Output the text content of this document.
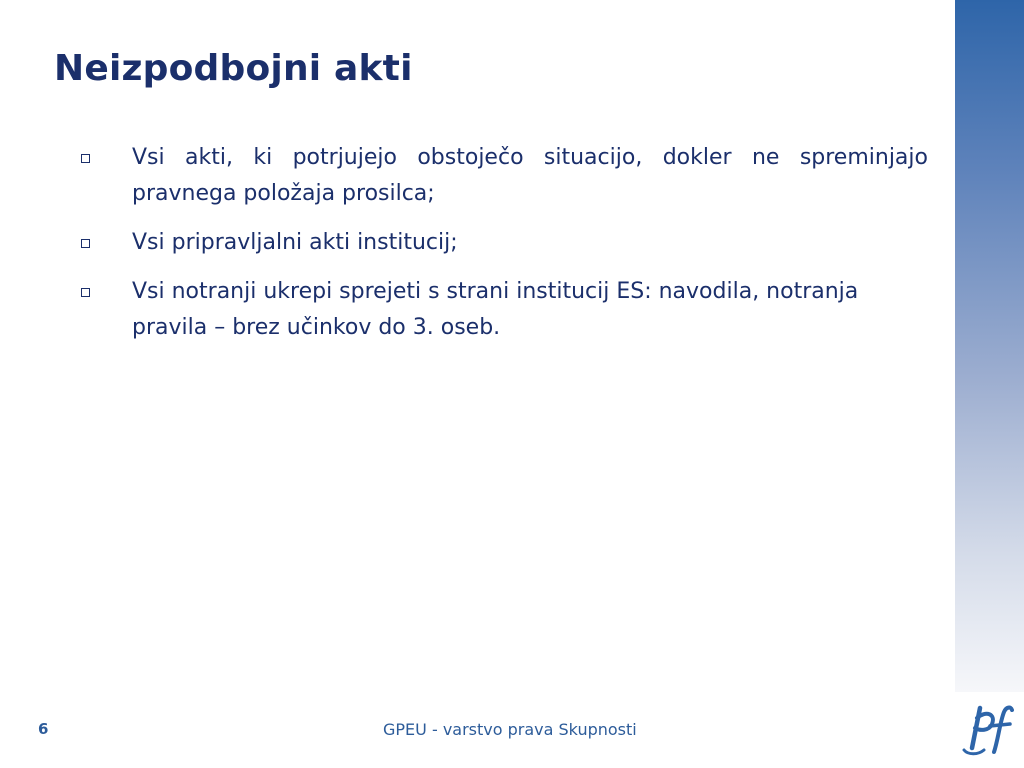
Neizpodbojni akti
Vsi akti, ki potrjujejo obstoječo situacijo, dokler ne spreminjajo pravnega položaja prosilca;
Vsi pripravljalni akti institucij;
Vsi notranji ukrepi sprejeti s strani institucij ES: navodila, notranja pravila – brez učinkov do 3. oseb.
6	GPEU - varstvo prava Skupnosti
